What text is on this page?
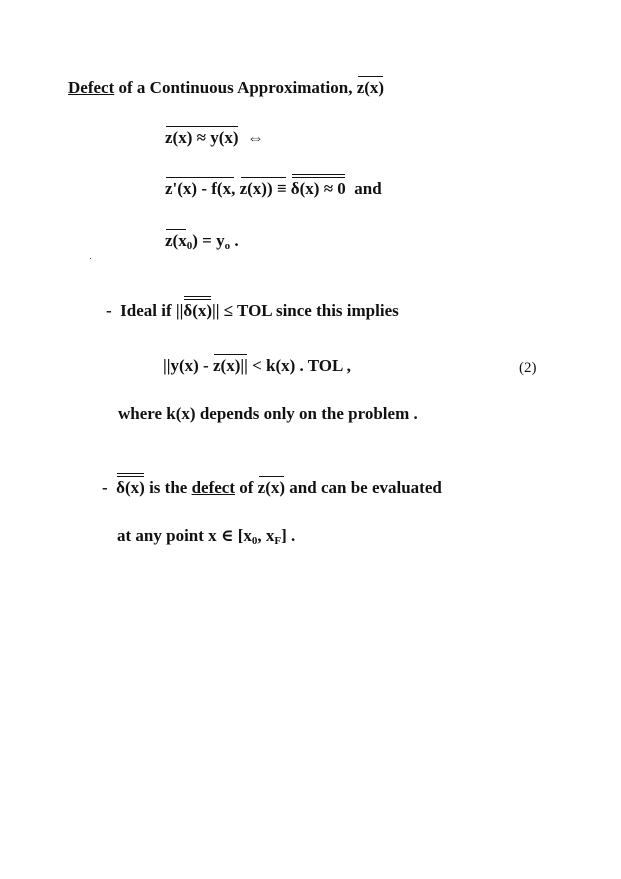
Defect of a Continuous Approximation, z(x)
z(x) ≈ y(x) ⇔
z'(x) - f(x, z(x)) ≡ δ(x) ≈ 0 and
$z(x_0) = y_o$ .
- Ideal if ||δ(x)|| ≤ TOL since this implies
||y(x) - z(x)|| < k(x) . TOL ,	(2)
where k(x) depends only on the problem .
- δ(x) is the defect of z(x) and can be evaluated
at any point x ∈ [$x_0$, $x_F$] .
